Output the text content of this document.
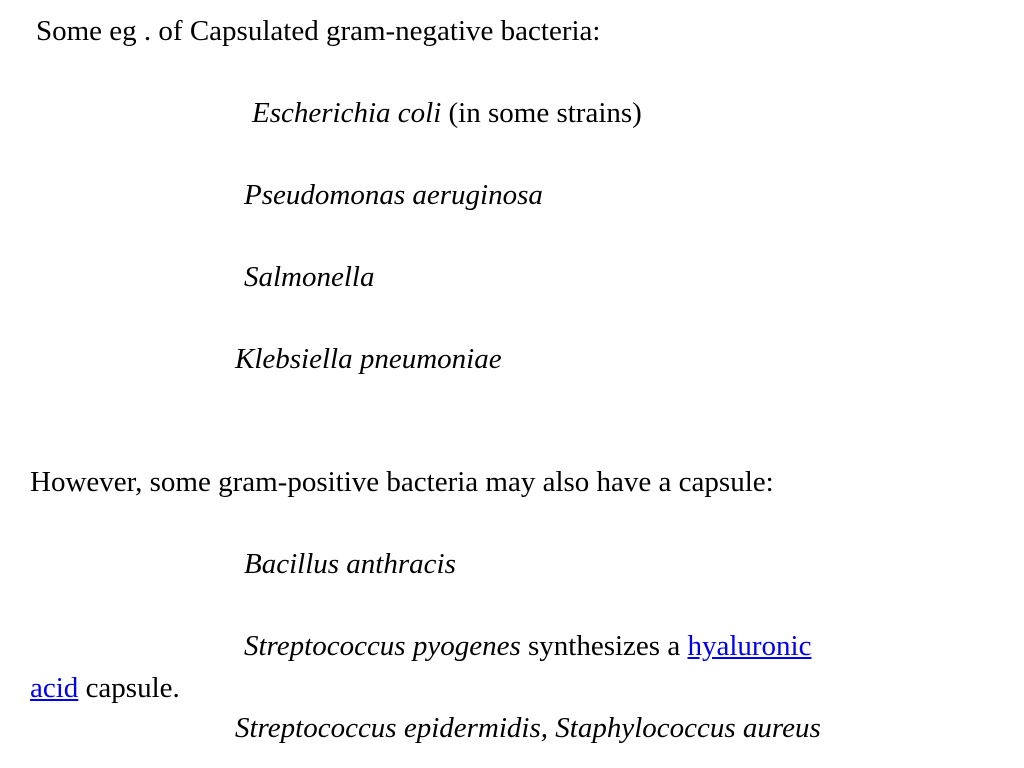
Some eg . of Capsulated gram-negative bacteria:
Escherichia coli (in some strains)
Pseudomonas aeruginosa
Salmonella
Klebsiella pneumoniae
However, some gram-positive bacteria may also have a capsule:
Bacillus anthracis
Streptococcus pyogenes synthesizes a hyaluronic
acid capsule.
Streptococcus epidermidis, Staphylococcus aureus
